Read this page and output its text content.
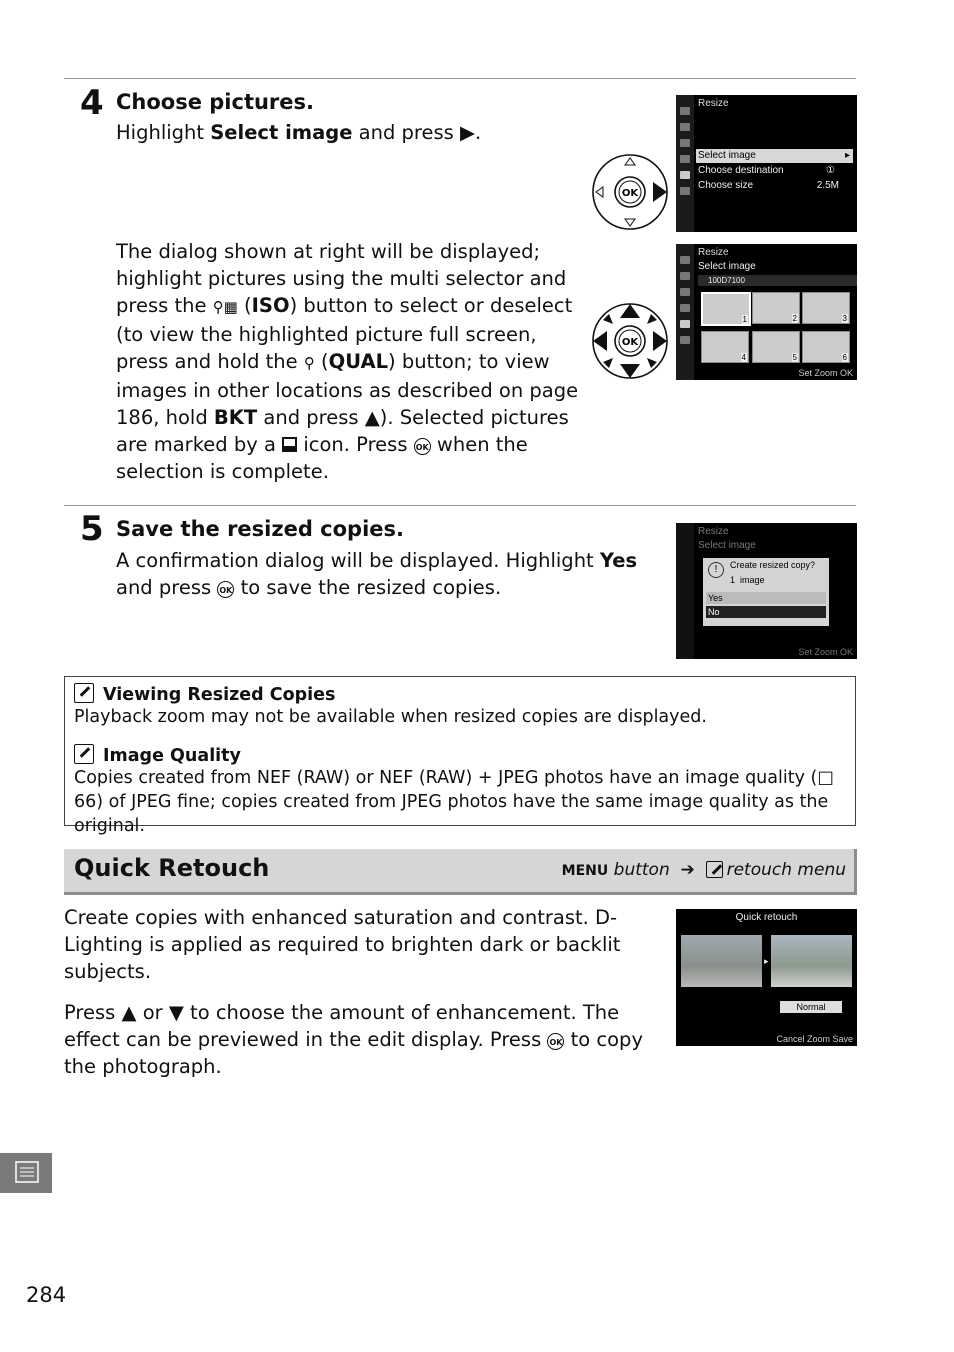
4 Choose pictures.
Highlight Select image and press ▶.
OK
Resize
Select image	▸
Choose destination	①
Choose size	2.5M
The dialog shown at right will be displayed; highlight pictures using the multi selector and press the ⚲▦ (ISO) button to select or deselect (to view the highlighted picture full screen, press and hold the ⚲ (QUAL) button; to view images in other locations as described on page 186, hold BKT and press ▲). Selected pictures are marked by a  icon. Press OK when the selection is complete.
OK
Resize
Select image
100D7100
1	2	3
4	5	6
Set Zoom OK
5 Save the resized copies.
A confirmation dialog will be displayed. Highlight Yes and press OK to save the resized copies.
Resize
Select image
!	Create resized copy?
1 image
Yes
No
Set Zoom OK
Viewing Resized Copies

Playback zoom may not be available when resized copies are displayed.

Image Quality

Copies created from NEF (RAW) or NEF (RAW) + JPEG photos have an image quality (□ 66) of JPEG fine; copies created from JPEG photos have the same image quality as the original.

Quick Retouch	MENU button ➔ retouch menu
Create copies with enhanced saturation and contrast. D-Lighting is applied as required to brighten dark or backlit subjects.
Press ▲ or ▼ to choose the amount of enhancement. The effect can be previewed in the edit display. Press OK to copy the photograph.
Quick retouch
▸
Normal
Cancel Zoom Save
284
